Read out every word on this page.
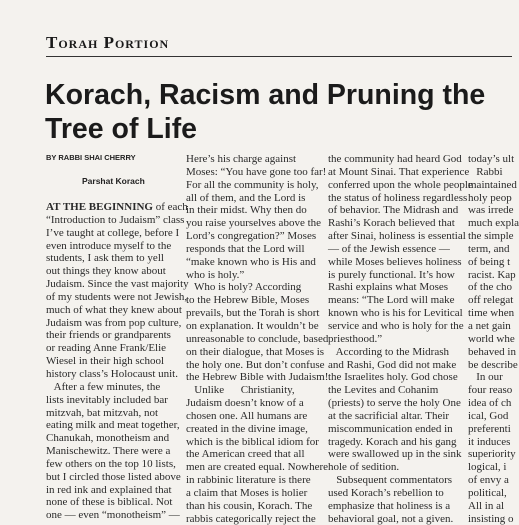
Torah Portion
Korach, Racism and Pruning the
Tree of Life
BY RABBI SHAI CHERRY
Parshat Korach
AT THE BEGINNING of each
“Introduction to Judaism” class
I’ve taught at college, before I
even introduce myself to the
students, I ask them to yell
out things they know about
Judaism. Since the vast majority
of my students were not Jewish,
much of what they knew about
Judaism was from pop culture,
their friends or grandparents
or reading Anne Frank/Elie
Wiesel in their high school
history class’s Holocaust unit.
After a few minutes, the
lists inevitably included bar
mitzvah, bat mitzvah, not
eating milk and meat together,
Chanukah, monotheism and
Manischewitz. There were a
few others on the top 10 lists,
but I circled those listed above
in red ink and explained that
none of these is biblical. Not
one — even “monotheism” —
Here’s his charge against
Moses: “You have gone too far!
For all the community is holy,
all of them, and the Lord is
in their midst. Why then do
you raise yourselves above the
Lord’s congregation?” Moses
responds that the Lord will
“make known who is His and
who is holy.”
Who is holy? According
to the Hebrew Bible, Moses
prevails, but the Torah is short
on explanation. It wouldn’t be
unreasonable to conclude, based
on their dialogue, that Moses is
the holy one. But don’t confuse
the Hebrew Bible with Judaism!
Unlike      Christianity,
Judaism doesn’t know of a
chosen one. All humans are
created in the divine image,
which is the biblical idiom for
the American creed that all
men are created equal. Nowhere
in rabbinic literature is there
a claim that Moses is holier
than his cousin, Korach. The
rabbis categorically reject the
the community had heard God
at Mount Sinai. That experience
conferred upon the whole people
the status of holiness regardless
of behavior. The Midrash and
Rashi’s Korach believed that
after Sinai, holiness is essential
— of the Jewish essence —
while Moses believes holiness
is purely functional. It’s how
Rashi explains what Moses
means: “The Lord will make
known who is his for Levitical
service and who is holy for the
priesthood.”
According to the Midrash
and Rashi, God did not make
the Israelites holy. God chose
the Levites and Cohanim
(priests) to serve the holy One
at the sacrificial altar. Their
miscommunication ended in
tragedy. Korach and his gang
were swallowed up in the sink
hole of sedition.
Subsequent commentators
used Korach’s rebellion to
emphasize that holiness is a
behavioral goal, not a given.
today’s ult
Rabbi
maintained
holy peop
was irrede
much expla
the simple
term, and
of being t
racist. Kap
of the cho
off relegat
time when
a net gain
world whe
behaved in
be describe
In our
four reaso
idea of ch
ical, God
preferenti
it induces
superiority
logical, i
of envy a
political,
All in al
insisting o
